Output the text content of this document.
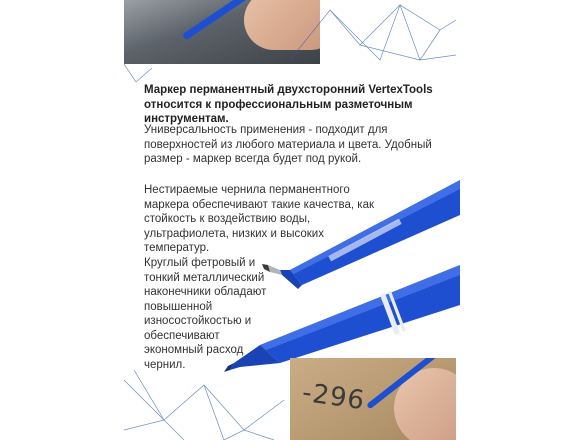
Маркер перманентный двухсторонний VertexTools относится к профессиональным разметочным инструментам.
Универсальность применения - подходит для поверхностей из любого материала и цвета. Удобный размер - маркер всегда будет под рукой.
Нестираемые чернила перманентного маркера обеспечивают такие качества, как стойкость к воздействию воды, ультрафиолета, низких и высоких температур.
Круглый фетровый и тонкий металлический наконечники обладают повышенной износостойкостью и обеспечивают экономный расход чернил.
-296
